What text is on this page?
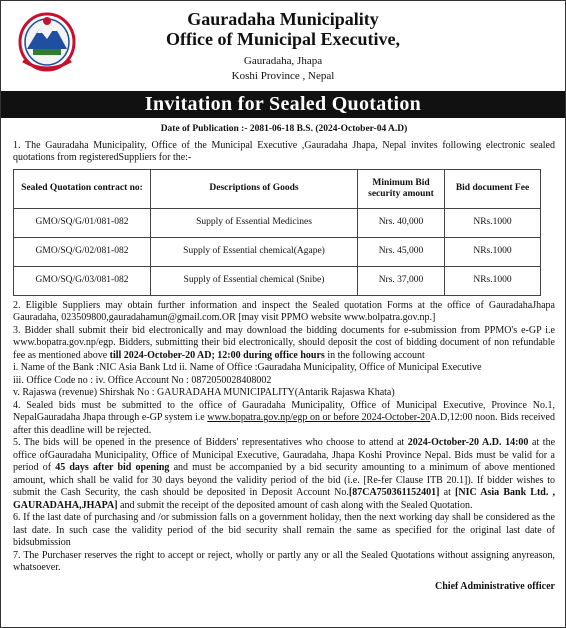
Gauradaha Municipality
Office of Municipal Executive,
Gauradaha, Jhapa
Koshi Province , Nepal
Invitation for Sealed Quotation
Date of Publication :- 2081-06-18 B.S. (2024-October-04 A.D)

1. The Gauradaha Municipality, Office of the Municipal Executive ,Gauradaha Jhapa, Nepal invites following electronic sealed quotations from registeredSuppliers for the:-

Sealed Quotation contract no:	Descriptions of Goods	Minimum Bid security amount	Bid document Fee
GMO/SQ/G/01/081-082	Supply of Essential Medicines	Nrs. 40,000	NRs.1000
GMO/SQ/G/02/081-082	Supply of Essential chemical(Agape)	Nrs. 45,000	NRs.1000
GMO/SQ/G/03/081-082	Supply of Essential chemical (Snibe)	Nrs. 37,000	NRs.1000

2. Eligible Suppliers may obtain further information and inspect the Sealed quotation Forms at the office of GauradahaJhapa Gauradaha, 023509800,gauradahamun@gmail.com.OR [may visit PPMO website www.bolpatra.gov.np.]

3. Bidder shall submit their bid electronically and may download the bidding documents for e-submission from PPMO's e-GP i.e www.bopatra.gov.np/egp. Bidders, submitting their bid electronically, should deposit the cost of bidding document of non refundable fee as mentioned above till 2024-October-20 AD; 12:00 during office hours in the following account

i. Name of the Bank :NIC Asia Bank Ltd ii. Name of Office :Gauradaha Municipality, Office of Municipal Executive

iii. Office Code no : iv. Office Account No : 0872050028408002

v. Rajaswa (revenue) Shirshak No : GAURADAHA MUNICIPALITY(Antarik Rajaswa Khata)

4. Sealed bids must be submitted to the office of Gauradaha Municipality, Office of Municipal Executive, Province No.1, NepalGauradaha Jhapa through e-GP system i.e www.bopatra.gov.np/egp on or before 2024-October-20A.D,12:00 noon. Bids received after this deadline will be rejected.

5. The bids will be opened in the presence of Bidders' representatives who choose to attend at 2024-October-20 A.D. 14:00 at the office ofGauradaha Municipality, Office of Municipal Executive, Gauradaha, Jhapa Koshi Province Nepal. Bids must be valid for a period of 45 days after bid opening and must be accompanied by a bid security amounting to a minimum of above mentioned amount, which shall be valid for 30 days beyond the validity period of the bid (i.e. [Re-fer Clause ITB 20.1]). If bidder wishes to submit the Cash Security, the cash should be deposited in Deposit Account No.[87CA750361152401] at [NIC Asia Bank Ltd. , GAURADAHA,JHAPA] and submit the receipt of the deposited amount of cash along with the Sealed Quotation.

6. If the last date of purchasing and /or submission falls on a government holiday, then the next working day shall be considered as the last date. In such case the validity period of the bid security shall remain the same as specified for the original last date of bidsubmission

7. The Purchaser reserves the right to accept or reject, wholly or partly any or all the Sealed Quotations without assigning anyreason, whatsoever.

Chief Administrative officer
